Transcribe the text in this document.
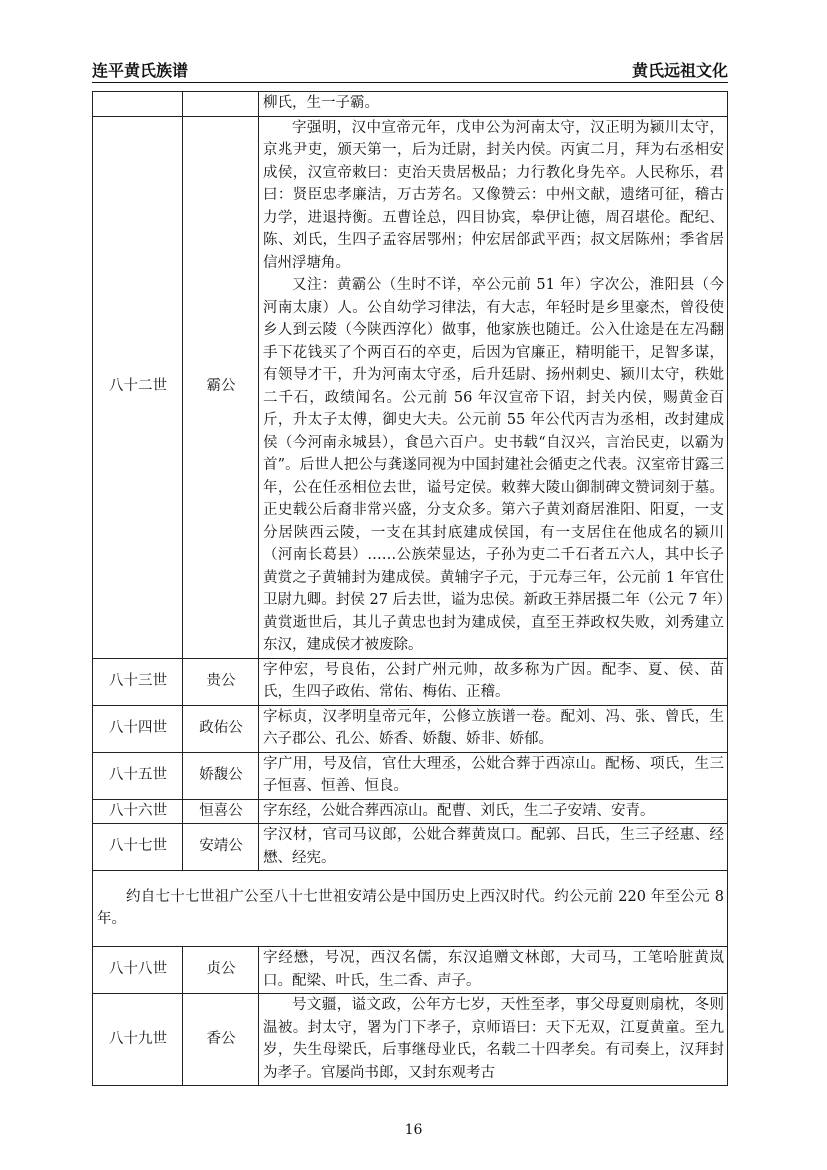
连平黄氏族谱	黄氏远祖文化

		柳氏，生一子霸。

八十二世	霸公	字强明，汉中宣帝元年，戊申公为河南太守，汉正明为颍川太守，京兆尹吏，颁天第一，后为迁尉，封关内侯。丙寅二月，拜为右丞相安成侯，汉宣帝敕曰：吏治天贵居极品；力行教化身先卒。人民称乐，君曰：贤臣忠孝廉洁，万古芳名。又像赞云：中州文献，遗绪可征，稽古力学，进退持衡。五曹诠总，四目协宾，皋伊让德，周召堪伦。配纪、陈、刘氏，生四子孟容居鄂州；仲宏居郃武平西；叔文居陈州；季省居信州浮塘角。

又注：黄霸公（生时不详，卒公元前 51 年）字次公，淮阳县（今河南太康）人。公自幼学习律法，有大志，年轻时是乡里豪杰，曾役使乡人到云陵（今陕西淳化）做事，他家族也随迁。公入仕途是在左冯翻手下花钱买了个两百石的卒吏，后因为官廉正，精明能干，足智多谋，有领导才干，升为河南太守丞，后升廷尉、扬州刺史、颍川太守，秩妣二千石，政绩闻名。公元前 56 年汉宣帝下诏，封关内侯，赐黄金百斤，升太子太傅，御史大夫。公元前 55 年公代丙吉为丞相，改封建成侯（今河南永城县），食邑六百户。史书载“自汉兴，言治民吏，以霸为首”。后世人把公与龚遂同视为中国封建社会循吏之代表。汉室帝甘露三年，公在任丞相位去世，谥号定侯。敕葬大陵山御制碑文赞词刻于墓。正史载公后裔非常兴盛，分支众多。第六子黄刘裔居淮阳、阳夏，一支分居陕西云陵，一支在其封底建成侯国，有一支居住在他成名的颍川（河南长葛县）……公族荣显达，子孙为吏二千石者五六人，其中长子黄赏之子黄辅封为建成侯。黄辅字子元，于元寿三年，公元前 1 年官仕卫尉九卿。封侯 27 后去世，谥为忠侯。新政王莽居摄二年（公元 7 年）黄赏逝世后，其儿子黄忠也封为建成侯，直至王莽政权失败，刘秀建立东汉，建成侯才被废除。

八十三世	贵公	字仲宏，号良佑，公封广州元帅，故多称为广因。配李、夏、侯、苗氏，生四子政佑、常佑、梅佑、正稽。

八十四世	政佑公	字标贞，汉孝明皇帝元年，公修立族谱一卷。配刘、冯、张、曾氏，生六子郡公、孔公、娇香、娇馥、娇非、娇郁。

八十五世	娇馥公	字广用，号及信，官仕大理丞，公妣合葬于西凉山。配杨、项氏，生三子恒喜、恒善、恒良。

八十六世	恒喜公	字东经，公妣合葬西凉山。配曹、刘氏，生二子安靖、安青。

八十七世	安靖公	字汉材，官司马议郎，公妣合葬黄岚口。配郭、吕氏，生三子经惠、经懋、经宪。

约自七十七世祖广公至八十七世祖安靖公是中国历史上西汉时代。约公元前 220 年至公元 8 年。		

八十八世	贞公	字经懋，号况，西汉名儒，东汉追赠文林郎，大司马，工笔哈脏黄岚口。配梁、叶氏，生二香、声子。

八十九世	香公	号文疆，谥文政，公年方七岁，天性至孝，事父母夏则扇枕，冬则温被。封太守，署为门下孝子，京师语曰：天下无双，江夏黄童。至九岁，失生母梁氏，后事继母业氏，名载二十四孝矣。有司奏上，汉拜封为孝子。官屡尚书郎，又封东观考古

16
